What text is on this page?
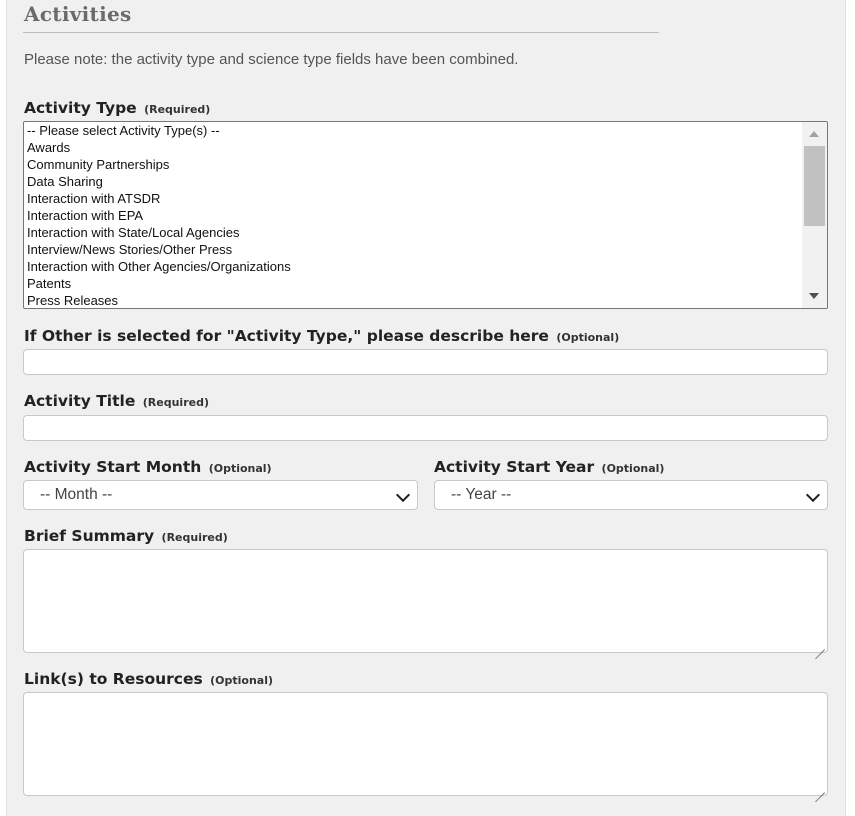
Activities
Please note: the activity type and science type fields have been combined.
Activity Type (Required)
-- Please select Activity Type(s) --
Awards
Community Partnerships
Data Sharing
Interaction with ATSDR
Interaction with EPA
Interaction with State/Local Agencies
Interview/News Stories/Other Press
Interaction with Other Agencies/Organizations
Patents
Press Releases
If Other is selected for "Activity Type," please describe here (Optional)
Activity Title (Required)
Activity Start Month (Optional)
-- Month --
Activity Start Year (Optional)
-- Year --
Brief Summary (Required)
Link(s) to Resources (Optional)
